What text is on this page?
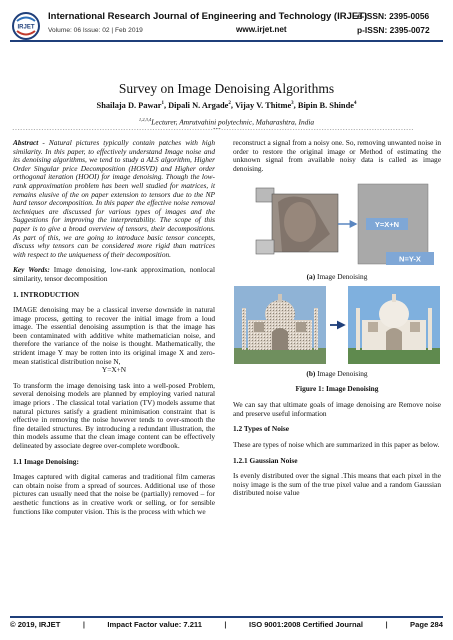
IRJET
International Research Journal of Engineering and Technology (IRJET)
Volume: 06 Issue: 02 | Feb 2019	www.irjet.net
e-ISSN: 2395-0056
p-ISSN: 2395-0072
Survey on Image Denoising Algorithms
Shailaja D. Pawar$^1$, Dipali N. Argade$^2$, Vijay V. Thitme$^3$, Bipin B. Shinde$^4$
$^{1,2,3,4}$Lecturer, Amrutvahini polytechnic, Maharashtra, India
----------------------------------------------------------------------------***-------------------------------------------------------------------------

Abstract - Natural pictures typically contain patches with high similarity. In this paper, to effectively understand Image noise and its denoising algorithms, we tend to study a ALS algorithm, Higher Order Singular price Decomposition (HOSVD) and Higher order orthogonal iteration (HOOI) for image denoising. Though the low-rank approximation problem has been well studied for matrices, it remains elusive of the on paper extension to tensors due to the NP hard tensor decomposition. In this paper the effective noise removal techniques are discussed for various types of images and the Suggestions for improving the interpretability. The scope of this paper is to give a broad overview of tensors, their decompositions. As part of this, we are going to introduce basic tensor concepts, discuss why tensors can be considered more rigid than matrices with respect to the uniqueness of their decomposition.

Key Words: Image denoising, low-rank approximation, nonlocal similarity, tensor decomposition

1. INTRODUCTION

IMAGE denoising may be a classical inverse downside in natural image process, getting to recover the initial image from a loud image. The essential denoising assumption is that the image has been contaminated with additive white mathematician noise, and therefore the variance of the noise is thought. Mathematically, the strident image Y may be rotten into its original image X and zero-mean statistical distribution noise N,

Y=X+N

To transform the image denoising task into a well-posed Problem, several denoising models are planned by employing varied natural image priors . The classical total variation (TV) models assume that natural pictures satisfy a gradient minimisation constraint that is effective in removing the noise however tends to over-smooth the fine detailed structures. By introducing a redundant illustration, the thin models assume that the clean image content can be effectively delineated by associate degree over-complete wordbook.

1.1 Image Denoising:

Images captured with digital cameras and traditional film cameras can obtain noise from a spread of sources. Additional use of those pictures can usually need that the noise be (partially) removed – for aesthetic functions as in creative work or selling, or for sensible functions like computer vision. This is the process with which we

reconstruct a signal from a noisy one. So, removing unwanted noise in order to restore the original image or Method of estimating the unknown signal from available noisy data is called as image denoising.

Y=X+N
N=Y-X

(a) Image Denoising

(b) Image Denoising

Figure 1: Image Denoising

We can say that ultimate goals of image denoising are Remove noise and preserve useful information

1.2 Types of Noise

These are types of noise which are summarized in this paper as below.

1.2.1 Gaussian Noise

Is evenly distributed over the signal .This means that each pixel in the noisy image is the sum of the true pixel value and a random Gaussian distributed noise value

© 2019, IRJET	|	Impact Factor value: 7.211	|	ISO 9001:2008 Certified Journal	|	Page 284
